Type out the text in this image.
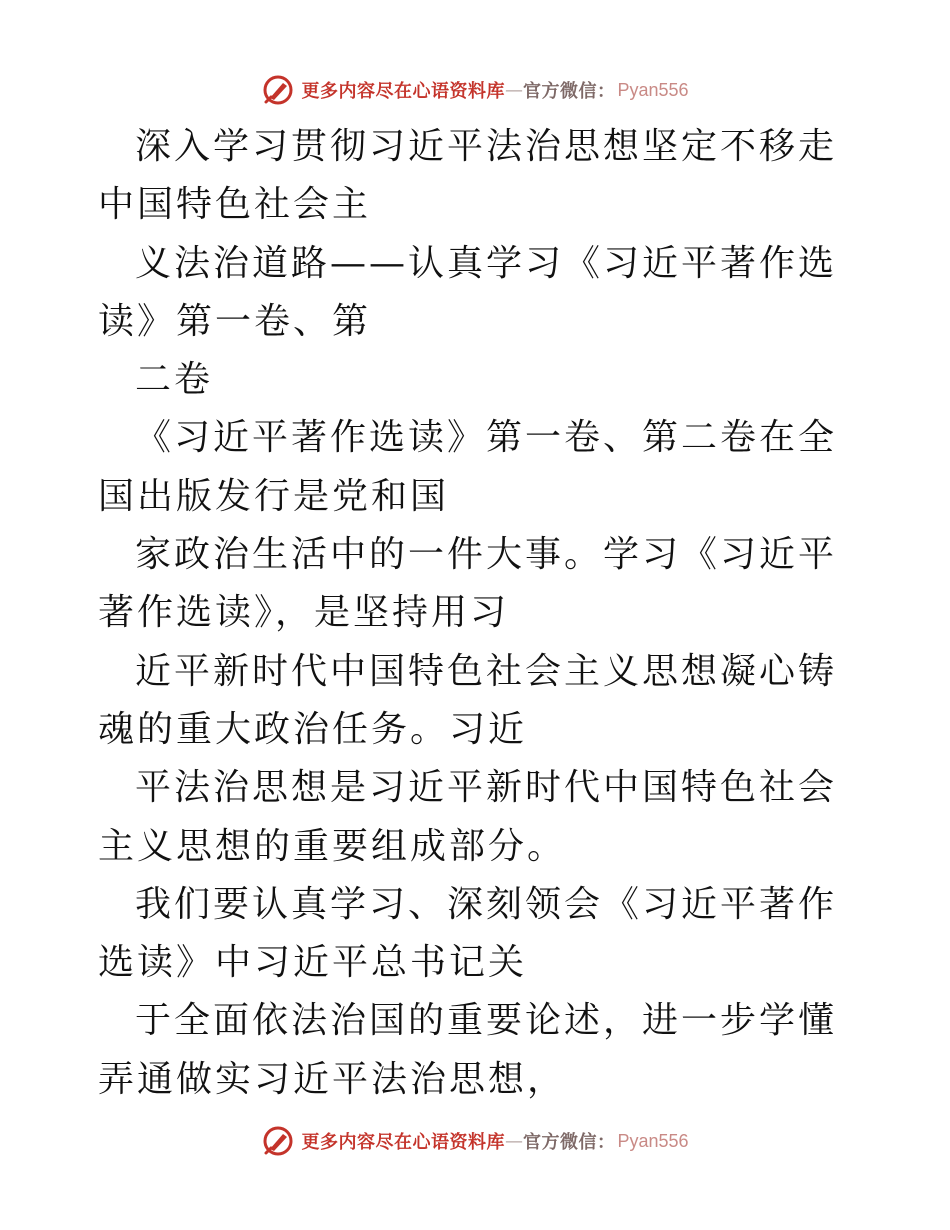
更多内容尽在心语资料库 — 官方微信： Pyan556

深入学习贯彻习近平法治思想坚定不移走中国特色社会主

义法治道路——认真学习《习近平著作选读》第一卷、第

二卷

《习近平著作选读》第一卷、第二卷在全国出版发行是党和国

家政治生活中的一件大事。学习《习近平著作选读》，是坚持用习

近平新时代中国特色社会主义思想凝心铸魂的重大政治任务。习近

平法治思想是习近平新时代中国特色社会主义思想的重要组成部分。

我们要认真学习、深刻领会《习近平著作选读》中习近平总书记关

于全面依法治国的重要论述，进一步学懂弄通做实习近平法治思想，

更多内容尽在心语资料库 — 官方微信： Pyan556
